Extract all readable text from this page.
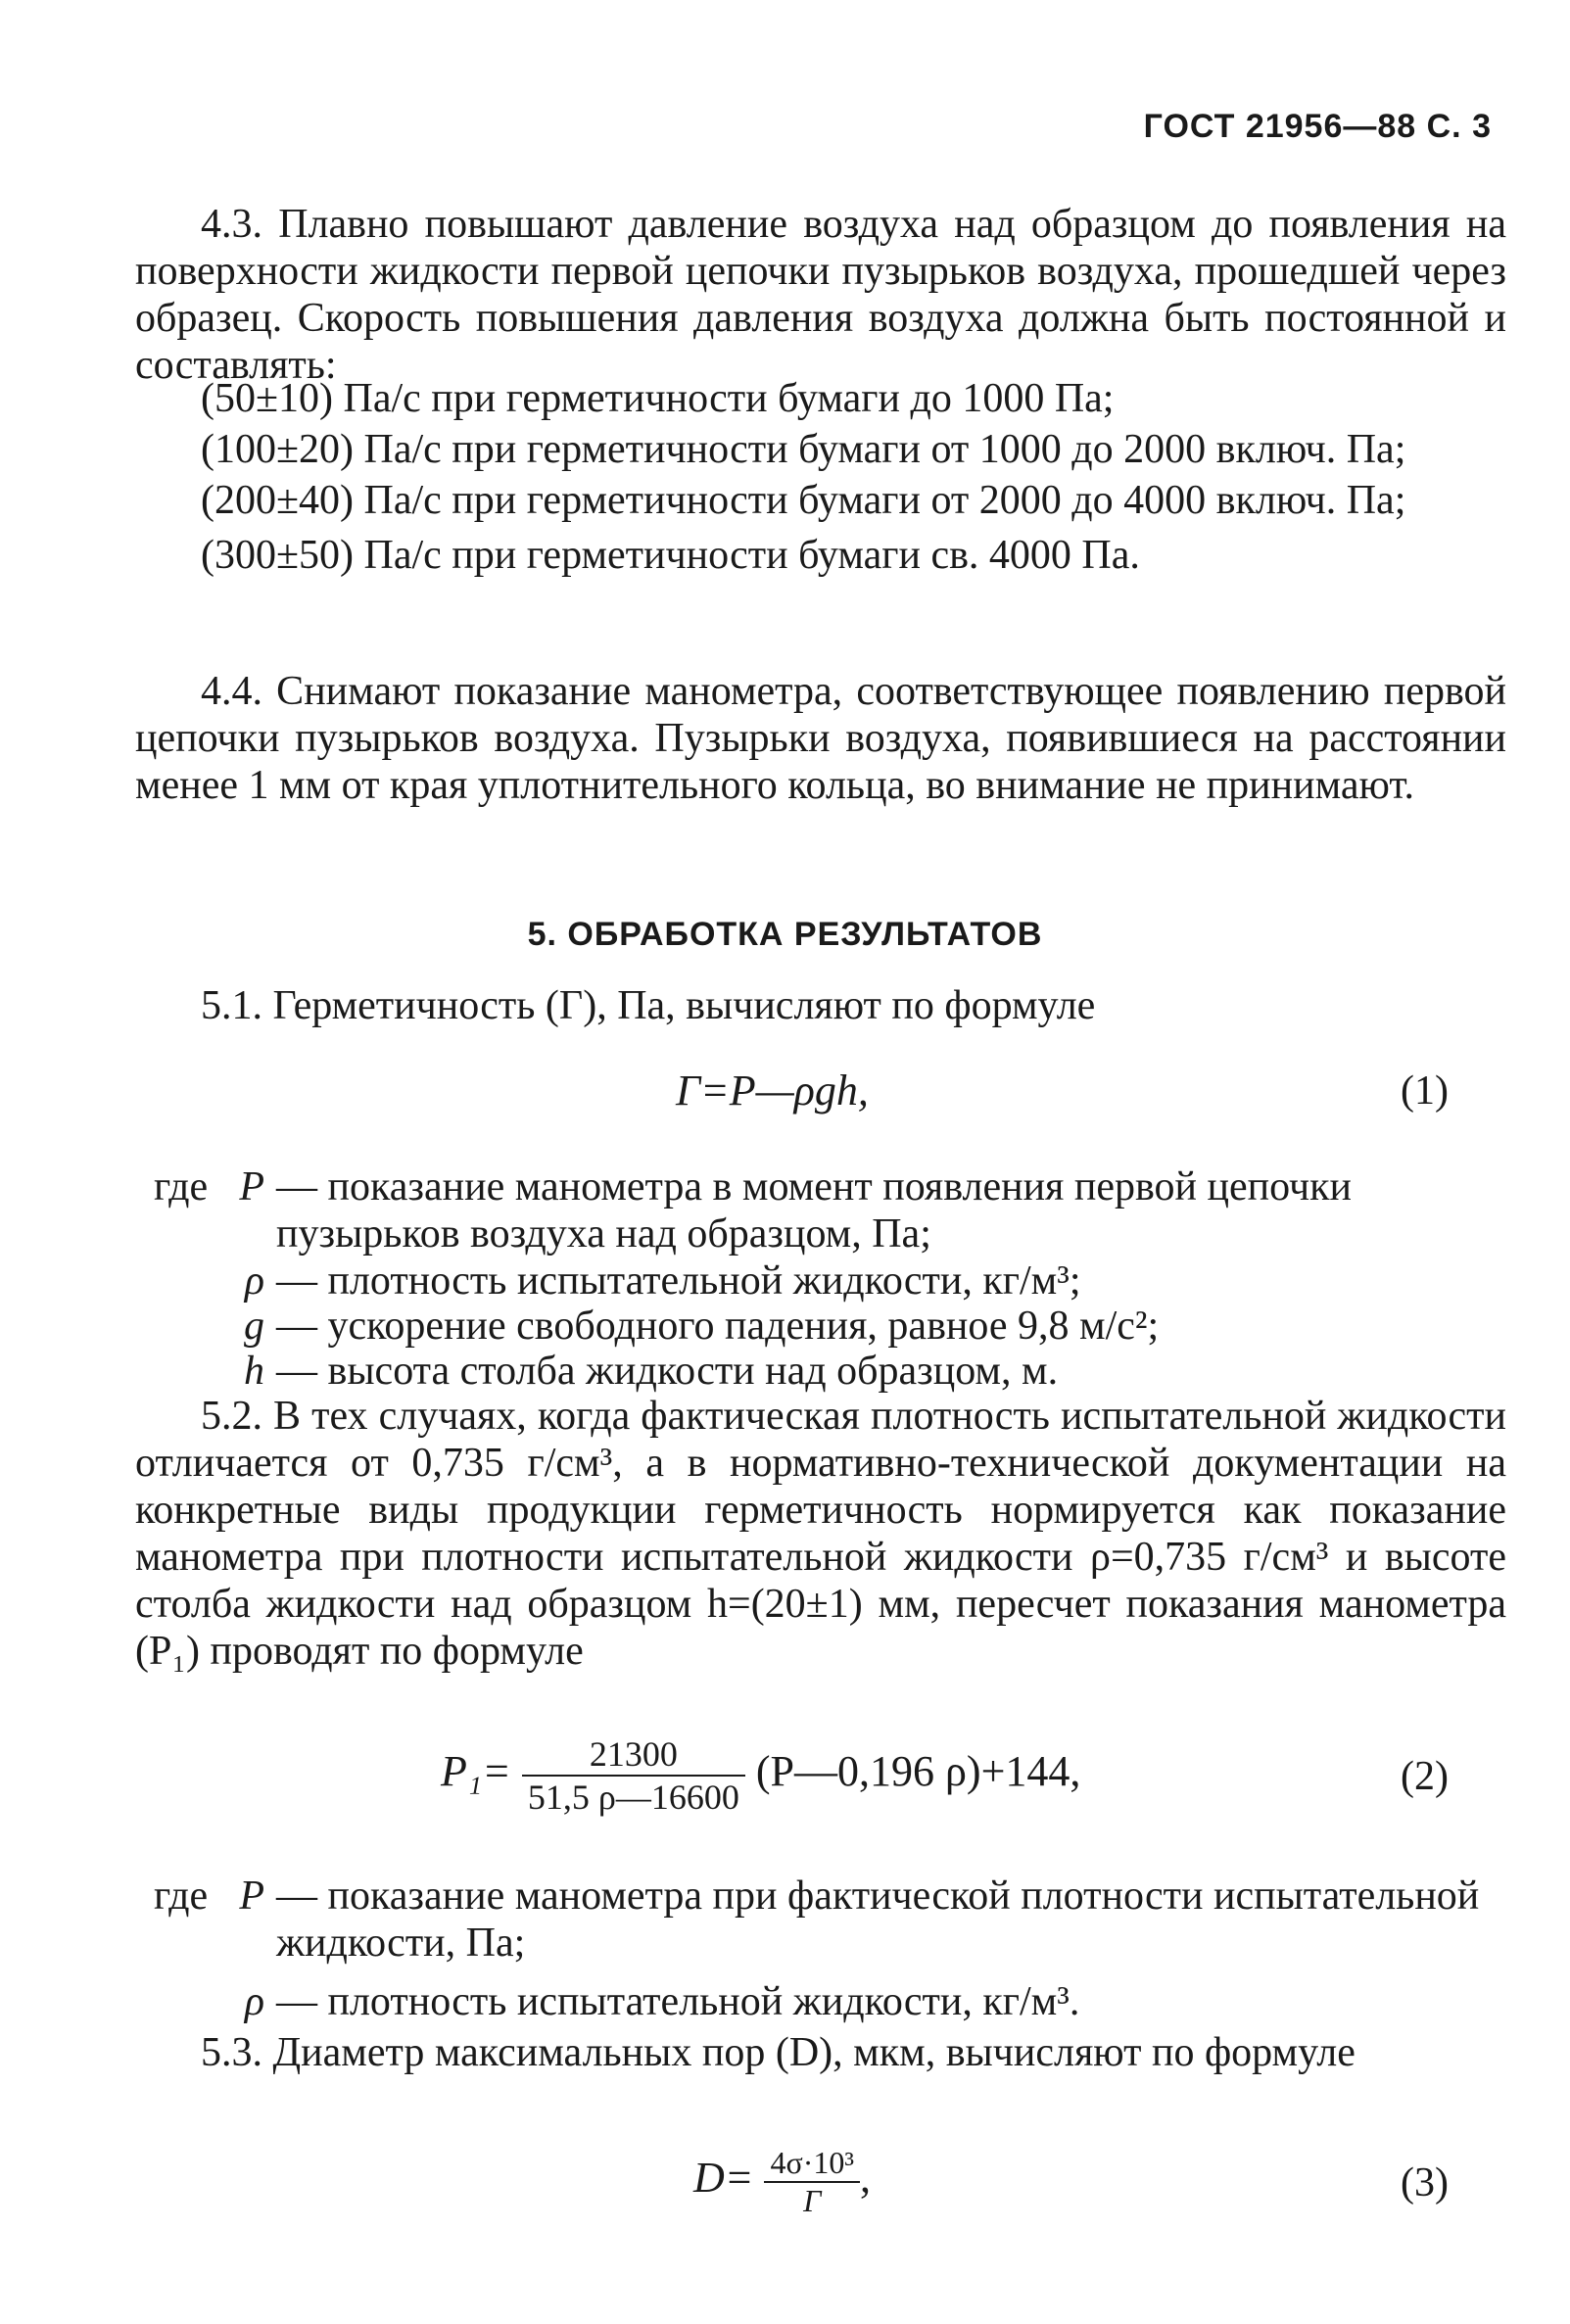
ГОСТ 21956—88 С. 3

4.3. Плавно повышают давление воздуха над образцом до появления на поверхности жидкости первой цепочки пузырьков воздуха, прошедшей через образец. Скорость повышения давления воздуха должна быть постоянной и составлять:

(50±10) Па/с при герметичности бумаги до 1000 Па;

(100±20) Па/с при герметичности бумаги от 1000 до 2000 включ. Па;

(200±40) Па/с при герметичности бумаги от 2000 до 4000 включ. Па;

(300±50) Па/с при герметичности бумаги св. 4000 Па.

4.4. Снимают показание манометра, соответствующее появлению первой цепочки пузырьков воздуха. Пузырьки воздуха, появившиеся на расстоянии менее 1 мм от края уплотнительного кольца, во внимание не принимают.

5. ОБРАБОТКА РЕЗУЛЬТАТОВ

5.1. Герметичность (Г), Па, вычисляют по формуле

Г=P—ρgh,	(1)
где P — показание манометра в момент появления первой цепочки пузырьков воздуха над образцом, Па;
ρ — плотность испытательной жидкости, кг/м³;
g — ускорение свободного падения, равное 9,8 м/с²;
h — высота столба жидкости над образцом, м.

5.2. В тех случаях, когда фактическая плотность испытательной жидкости отличается от 0,735 г/см³, а в нормативно-технической документации на конкретные виды продукции герметичность нормируется как показание манометра при плотности испытательной жидкости ρ=0,735 г/см³ и высоте столба жидкости над образцом h=(20±1) мм, пересчет показания манометра (P₁) проводят по формуле

$P_1= \frac{21300}{51,5 \rho—16600}$ (P—0,196 ρ)+144,	(2)
где P — показание манометра при фактической плотности испытательной жидкости, Па;
ρ — плотность испытательной жидкости, кг/м³.

5.3. Диаметр максимальных пор (D), мкм, вычисляют по формуле

$D= \frac{\text{4σ·10³}}{Г}$ ,	(3)
